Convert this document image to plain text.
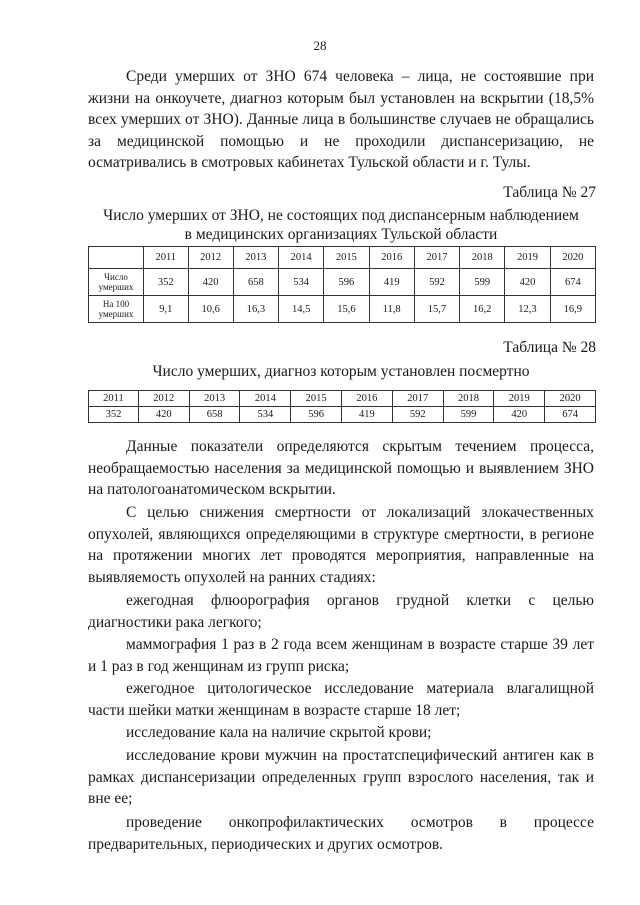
28

Среди умерших от ЗНО 674 человека – лица, не состоявшие при жизни на онкоучете, диагноз которым был установлен на вскрытии (18,5% всех умерших от ЗНО). Данные лица в большинстве случаев не обращались за медицинской помощью и не проходили диспансеризацию, не осматривались в смотровых кабинетах Тульской области и г. Тулы.

Таблица № 27
Число умерших от ЗНО, не состоящих под диспансерным наблюдением
в медицинских организациях Тульской области
	2011	2012	2013	2014	2015	2016	2017	2018	2019	2020

Число
умерших	352	420	658	534	596	419	592	599	420	674

На 100
умерших	9,1	10,6	16,3	14,5	15,6	11,8	15,7	16,2	12,3	16,9
Таблица № 28
Число умерших, диагноз которым установлен посмертно
2011	2012	2013	2014	2015	2016	2017	2018	2019	2020
352	420	658	534	596	419	592	599	420	674

Данные показатели определяются скрытым течением процесса, необращаемостью населения за медицинской помощью и выявлением ЗНО на патологоанатомическом вскрытии.

С целью снижения смертности от локализаций злокачественных опухолей, являющихся определяющими в структуре смертности, в регионе на протяжении многих лет проводятся мероприятия, направленные на выявляемость опухолей на ранних стадиях:

ежегодная флюорография органов грудной клетки с целью диагностики рака легкого;

маммография 1 раз в 2 года всем женщинам в возрасте старше 39 лет и 1 раз в год женщинам из групп риска;

ежегодное цитологическое исследование материала влагалищной части шейки матки женщинам в возрасте старше 18 лет;

исследование кала на наличие скрытой крови;

исследование крови мужчин на простатспецифический антиген как в рамках диспансеризации определенных групп взрослого населения, так и вне ее;

проведение онкопрофилактических осмотров в процессе предварительных, периодических и других осмотров.
